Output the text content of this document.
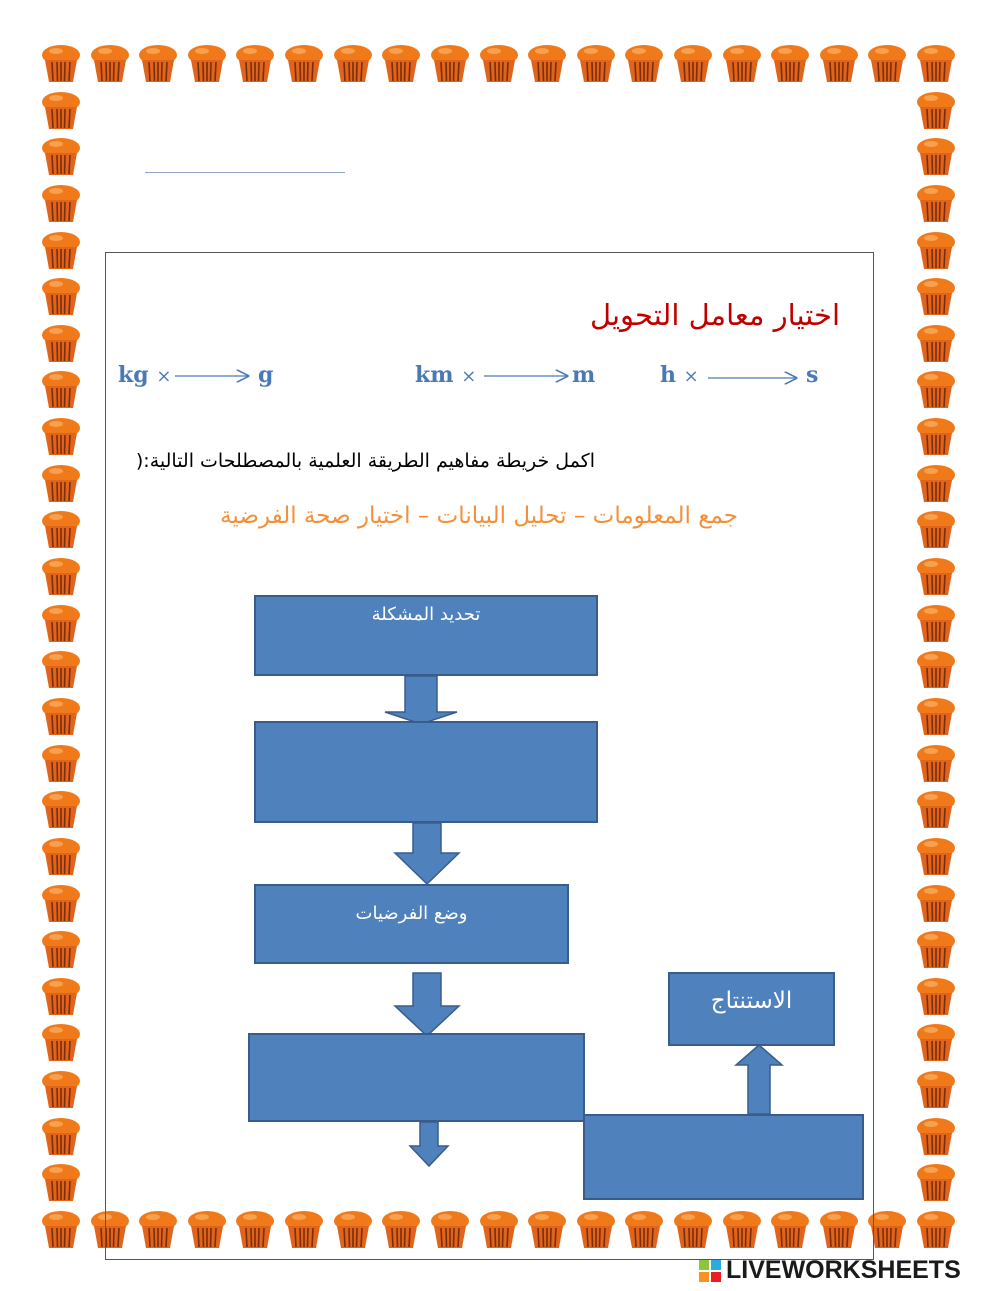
اختيار معامل التحويل
kg ×	g	km ×	m	h ×	s
اكمل خريطة مفاهيم الطريقة العلمية بالمصطلحات التالية:(
جمع المعلومات – تحليل البيانات – اختيار صحة الفرضية
تحديد المشكلة
وضع الفرضيات
الاستنتاج
LIVEWORKSHEETS
